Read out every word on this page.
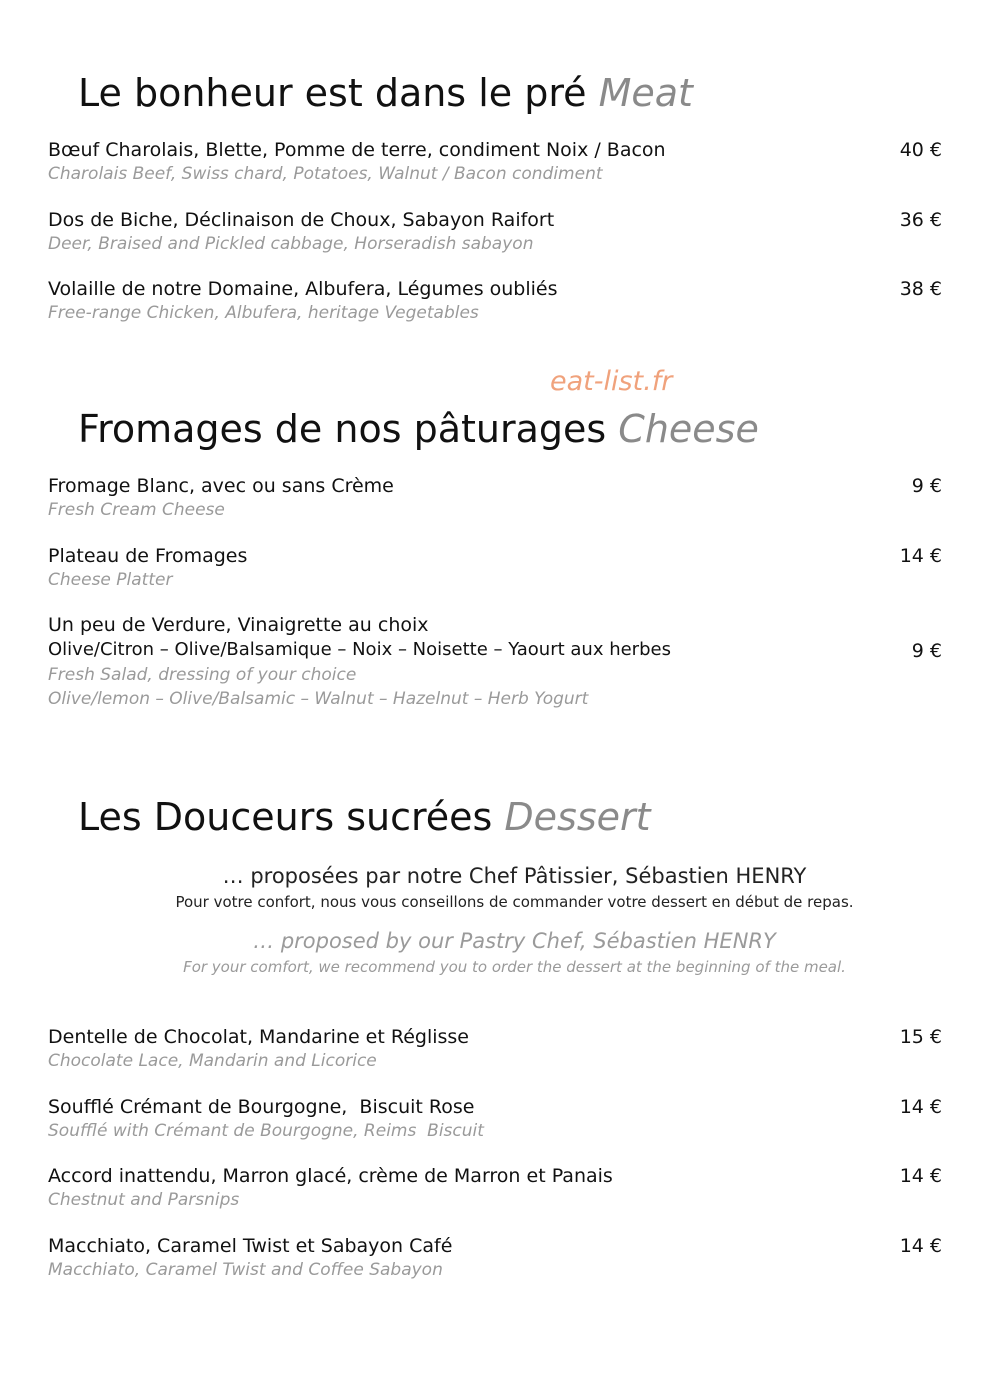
Le bonheur est dans le pré Meat
Bœuf Charolais, Blette, Pomme de terre, condiment Noix / Bacon
Charolais Beef, Swiss chard, Potatoes, Walnut / Bacon condiment
40 €
Dos de Biche, Déclinaison de Choux, Sabayon Raifort
Deer, Braised and Pickled cabbage, Horseradish sabayon
36 €
Volaille de notre Domaine, Albufera, Légumes oubliés
Free-range Chicken, Albufera, heritage Vegetables
38 €
eat-list.fr
Fromages de nos pâturages Cheese
Fromage Blanc, avec ou sans Crème
Fresh Cream Cheese
9 €
Plateau de Fromages
Cheese Platter
14 €
Un peu de Verdure, Vinaigrette au choix
Olive/Citron – Olive/Balsamique – Noix – Noisette – Yaourt aux herbes
Fresh Salad, dressing of your choice
Olive/lemon – Olive/Balsamic – Walnut – Hazelnut – Herb Yogurt
9 €
Les Douceurs sucrées Dessert
… proposées par notre Chef Pâtissier, Sébastien HENRY
Pour votre confort, nous vous conseillons de commander votre dessert en début de repas.
… proposed by our Pastry Chef, Sébastien HENRY
For your comfort, we recommend you to order the dessert at the beginning of the meal.
Dentelle de Chocolat, Mandarine et Réglisse
Chocolate Lace, Mandarin and Licorice
15 €
Soufflé Crémant de Bourgogne,  Biscuit Rose
Soufflé with Crémant de Bourgogne, Reims  Biscuit
14 €
Accord inattendu, Marron glacé, crème de Marron et Panais
Chestnut and Parsnips
14 €
Macchiato, Caramel Twist et Sabayon Café
Macchiato, Caramel Twist and Coffee Sabayon
14 €
